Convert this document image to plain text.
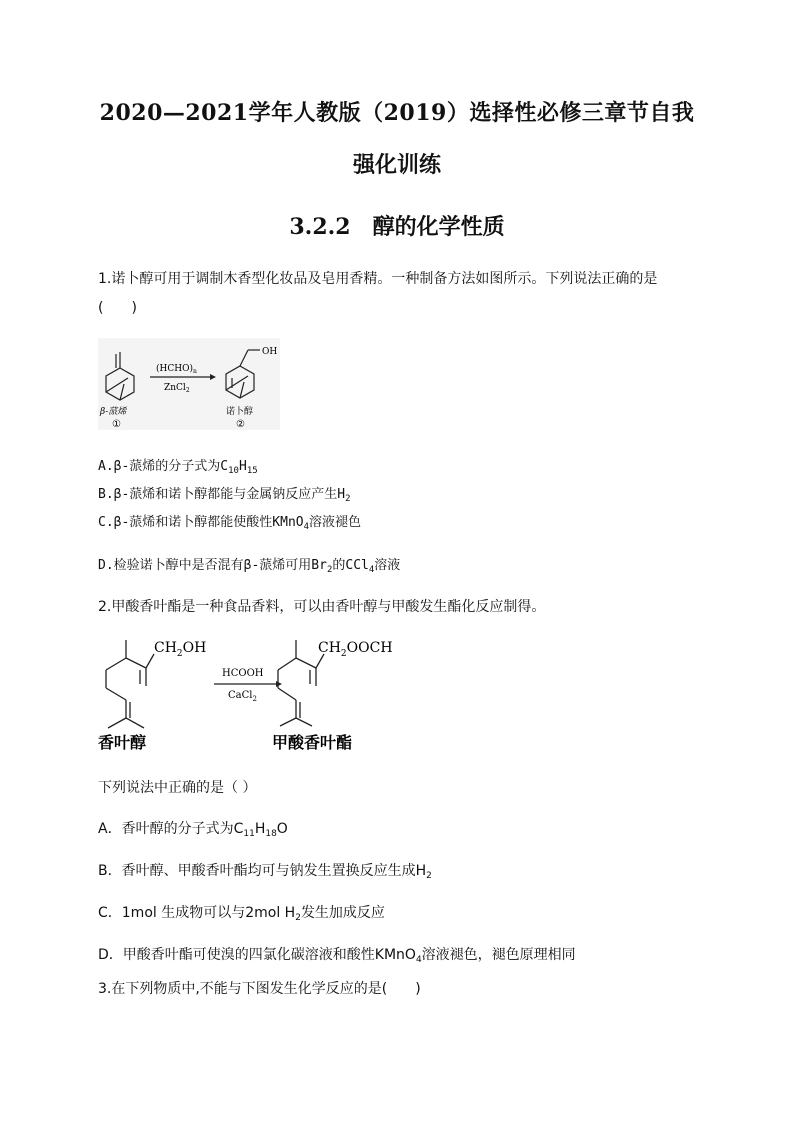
2020—2021学年人教版（2019）选择性必修三章节自我
强化训练
3.2.2　醇的化学性质
1.诺卜醇可用于调制木香型化妆品及皂用香精。一种制备方法如图所示。下列说法正确的是
(　　)
$(HCHO)_n$
ZnCl$_2$
OH
β-蒎烯
①
诺卜醇
②
A.β-蒎烯的分子式为$C_{10}H_{15}$
B.β-蒎烯和诺卜醇都能与金属钠反应产生$H_2$
C.β-蒎烯和诺卜醇都能使酸性KMnO$_4$溶液褪色
D.检验诺卜醇中是否混有β-蒎烯可用$Br_2$的CCl$_4$溶液
2.甲酸香叶酯是一种食品香料，可以由香叶醇与甲酸发生酯化反应制得。
$CH_2OH$
HCOOH
CaCl$_2$
$CH_2OOCH$
香叶醇	甲酸香叶酯
下列说法中正确的是（ ）
A．香叶醇的分子式为$C_{11}H_{18}O$
B．香叶醇、甲酸香叶酯均可与钠发生置换反应生成$H_2$
C．1mol 生成物可以与2mol $H_2$发生加成反应
D．甲酸香叶酯可使溴的四氯化碳溶液和酸性KMnO$_4$溶液褪色，褪色原理相同
3.在下列物质中,不能与下图发生化学反应的是(　　)
